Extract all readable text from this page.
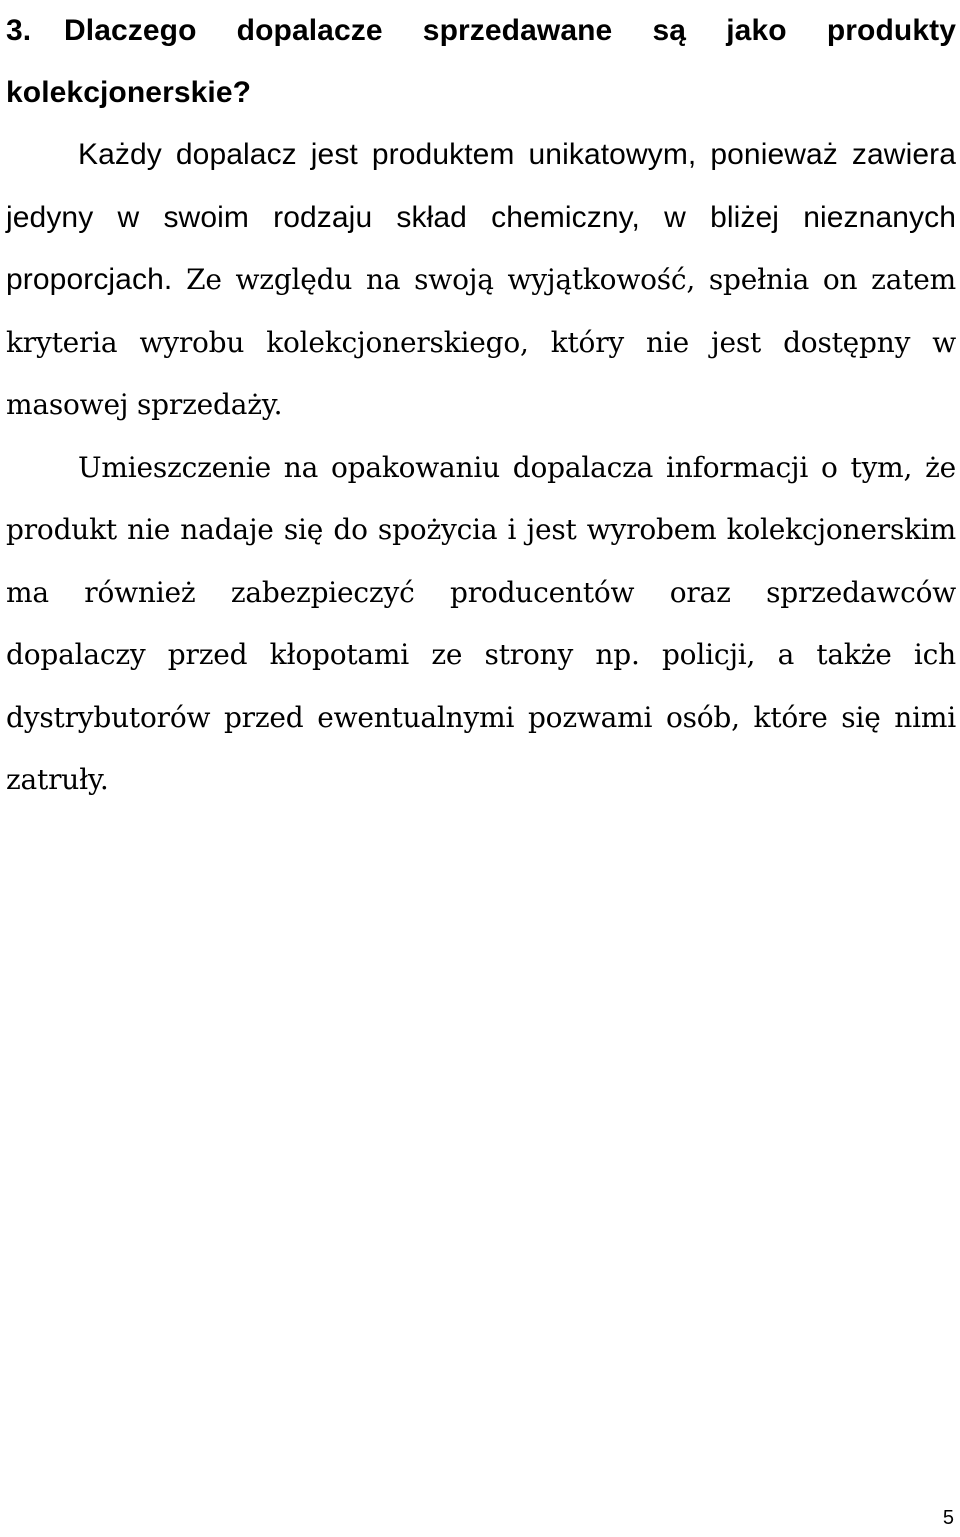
3. Dlaczego dopalacze sprzedawane są jako produkty kolekcjonerskie?

Każdy dopalacz jest produktem unikatowym, ponieważ zawiera jedyny w swoim rodzaju skład chemiczny, w bliżej nieznanych proporcjach. Ze względu na swoją wyjątkowość, spełnia on zatem kryteria wyrobu kolekcjonerskiego, który nie jest dostępny w masowej sprzedaży.

Umieszczenie na opakowaniu dopalacza informacji o tym, że produkt nie nadaje się do spożycia i jest wyrobem kolekcjonerskim ma również zabezpieczyć producentów oraz sprzedawców dopalaczy przed kłopotami ze strony np. policji, a także ich dystrybutorów przed ewentualnymi pozwami osób, które się nimi zatruły.

5
